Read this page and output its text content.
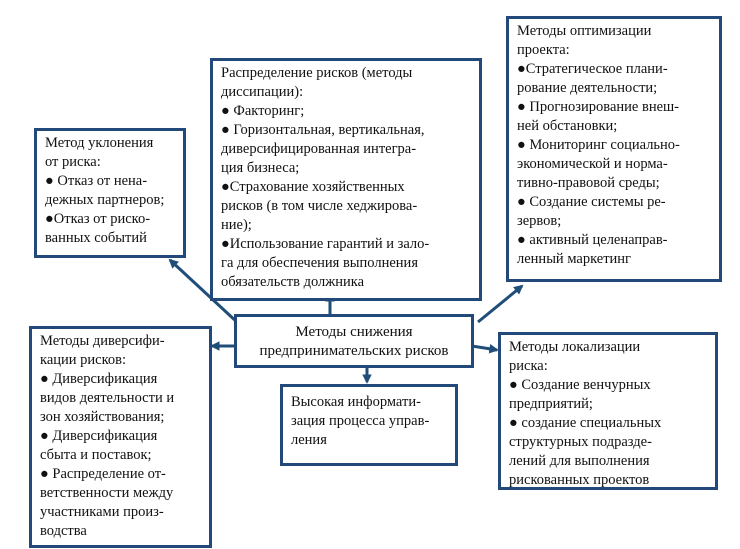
Метод уклонения
от риска:
● Отказ от нена-
дежных партнеров;
●Отказ от риско-
ванных событий
Распределение рисков (методы
диссипации):
● Факторинг;
● Горизонтальная, вертикальная,
диверсифицированная интегра-
ция бизнеса;
●Страхование хозяйственных
рисков (в том числе хеджирова-
ние);
●Использование гарантий и зало-
га для обеспечения выполнения
обязательств должника
Методы оптимизации
проекта:
●Стратегическое плани-
рование деятельности;
● Прогнозирование внеш-
ней обстановки;
● Мониторинг социально-
экономической и норма-
тивно-правовой среды;
● Создание системы ре-
зервов;
● активный целенаправ-
ленный маркетинг
Методы снижения
предпринимательских рисков
Методы диверсифи-
кации рисков:
● Диверсификация
видов деятельности и
зон хозяйствования;
● Диверсификация
сбыта и поставок;
● Распределение от-
ветственности между
участниками произ-
водства
Высокая информати-
зация процесса управ-
ления
Методы локализации
риска:
● Создание венчурных
предприятий;
● создание специальных
структурных подразде-
лений для выполнения
рискованных проектов
